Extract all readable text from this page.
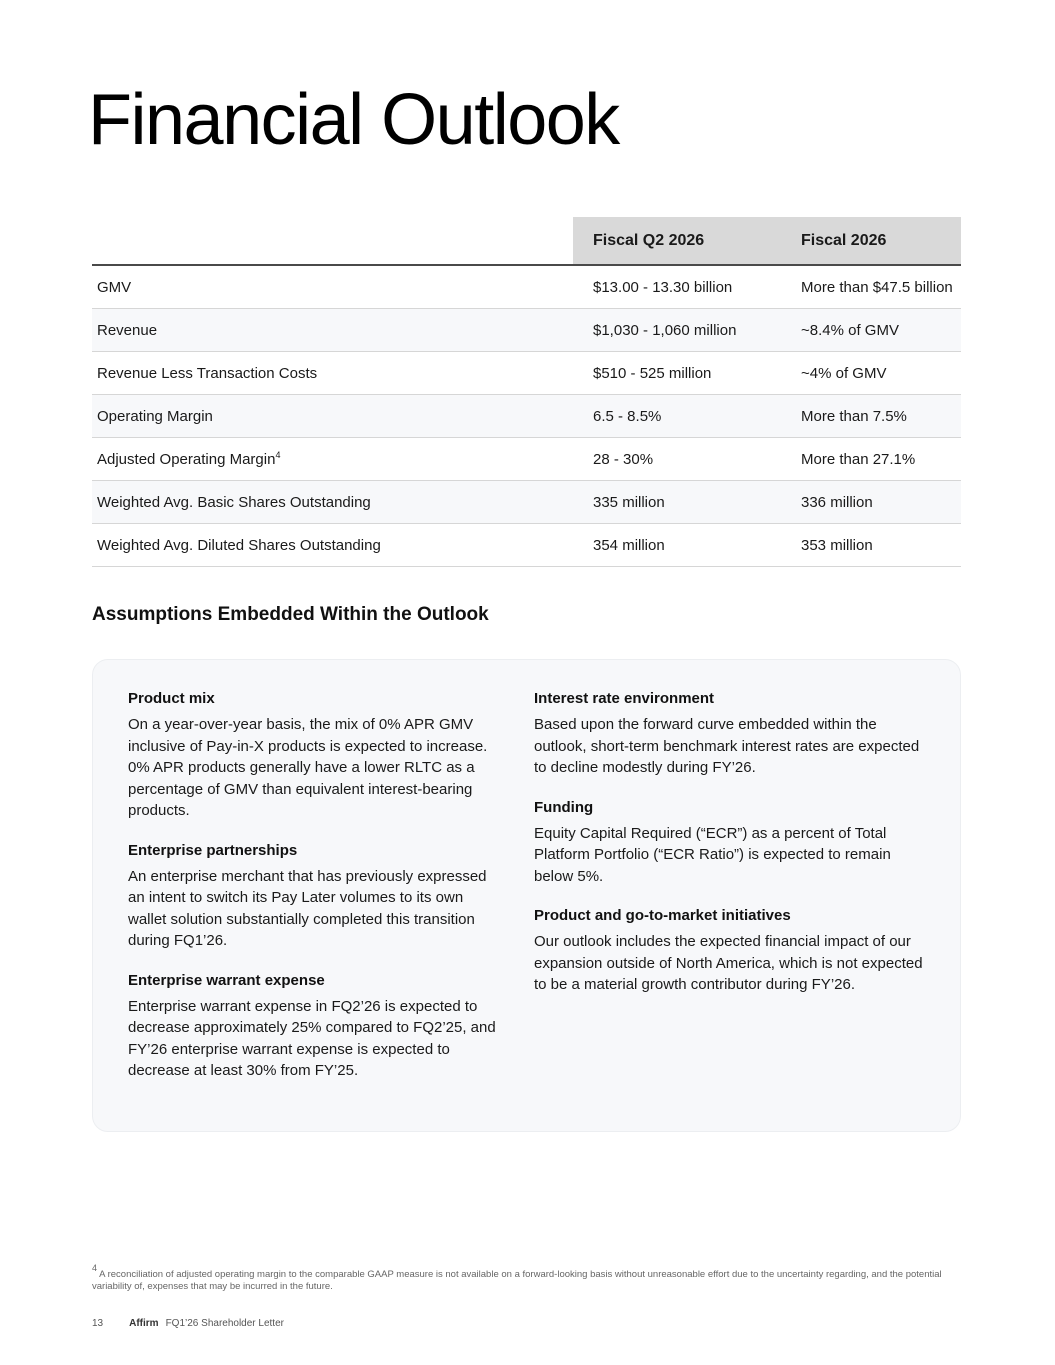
Financial Outlook
	Fiscal Q2 2026	Fiscal 2026
GMV	$13.00 - 13.30 billion	More than $47.5 billion
Revenue	$1,030 - 1,060 million	~8.4% of GMV
Revenue Less Transaction Costs	$510 - 525 million	~4% of GMV
Operating Margin	6.5 - 8.5%	More than 7.5%
Adjusted Operating Margin$^4$	28 - 30%	More than 27.1%
Weighted Avg. Basic Shares Outstanding	335 million	336 million
Weighted Avg. Diluted Shares Outstanding	354 million	353 million
Assumptions Embedded Within the Outlook
Product mix

On a year-over-year basis, the mix of 0% APR GMV inclusive of Pay-in-X products is expected to increase. 0% APR products generally have a lower RLTC as a percentage of GMV than equivalent interest-bearing products.

Enterprise partnerships

An enterprise merchant that has previously expressed an intent to switch its Pay Later volumes to its own wallet solution substantially completed this transition during FQ1’26.

Enterprise warrant expense

Enterprise warrant expense in FQ2’26 is expected to decrease approximately 25% compared to FQ2’25, and FY’26 enterprise warrant expense is expected to decrease at least 30% from FY’25.

Interest rate environment

Based upon the forward curve embedded within the outlook, short-term benchmark interest rates are expected to decline modestly during FY’26.

Funding

Equity Capital Required (“ECR”) as a percent of Total Platform Portfolio (“ECR Ratio”) is expected to remain below 5%.

Product and go-to-market initiatives

Our outlook includes the expected financial impact of our expansion outside of North America, which is not expected to be a material growth contributor during FY’26.

$^4$ A reconciliation of adjusted operating margin to the comparable GAAP measure is not available on a forward-looking basis without unreasonable effort due to the uncertainty regarding, and the potential variability of, expenses that may be incurred in the future.

13	Affirm FQ1’26 Shareholder Letter
